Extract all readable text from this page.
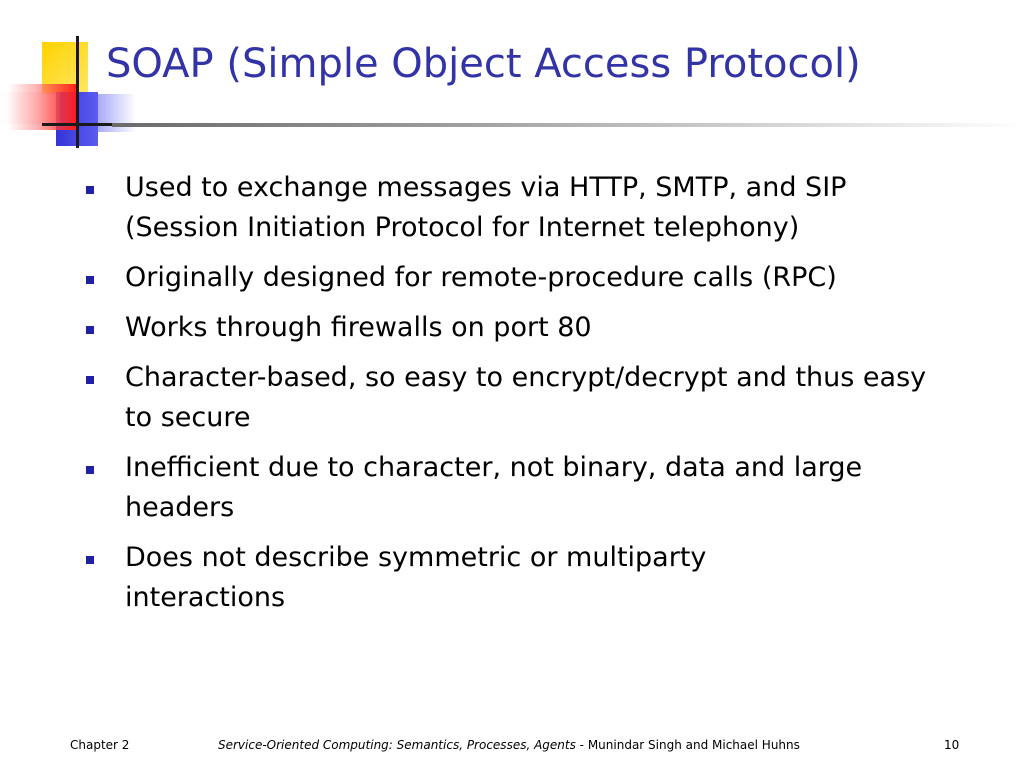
SOAP (Simple Object Access Protocol)
Used to exchange messages via HTTP, SMTP, and SIP (Session Initiation Protocol for Internet telephony)
Originally designed for remote-procedure calls (RPC)
Works through firewalls on port 80
Character-based, so easy to encrypt/decrypt and thus easy to secure
Inefficient due to character, not binary, data and large headers
Does not describe symmetric or multiparty interactions
Chapter 2	Service-Oriented Computing: Semantics, Processes, Agents - Munindar Singh and Michael Huhns	10
